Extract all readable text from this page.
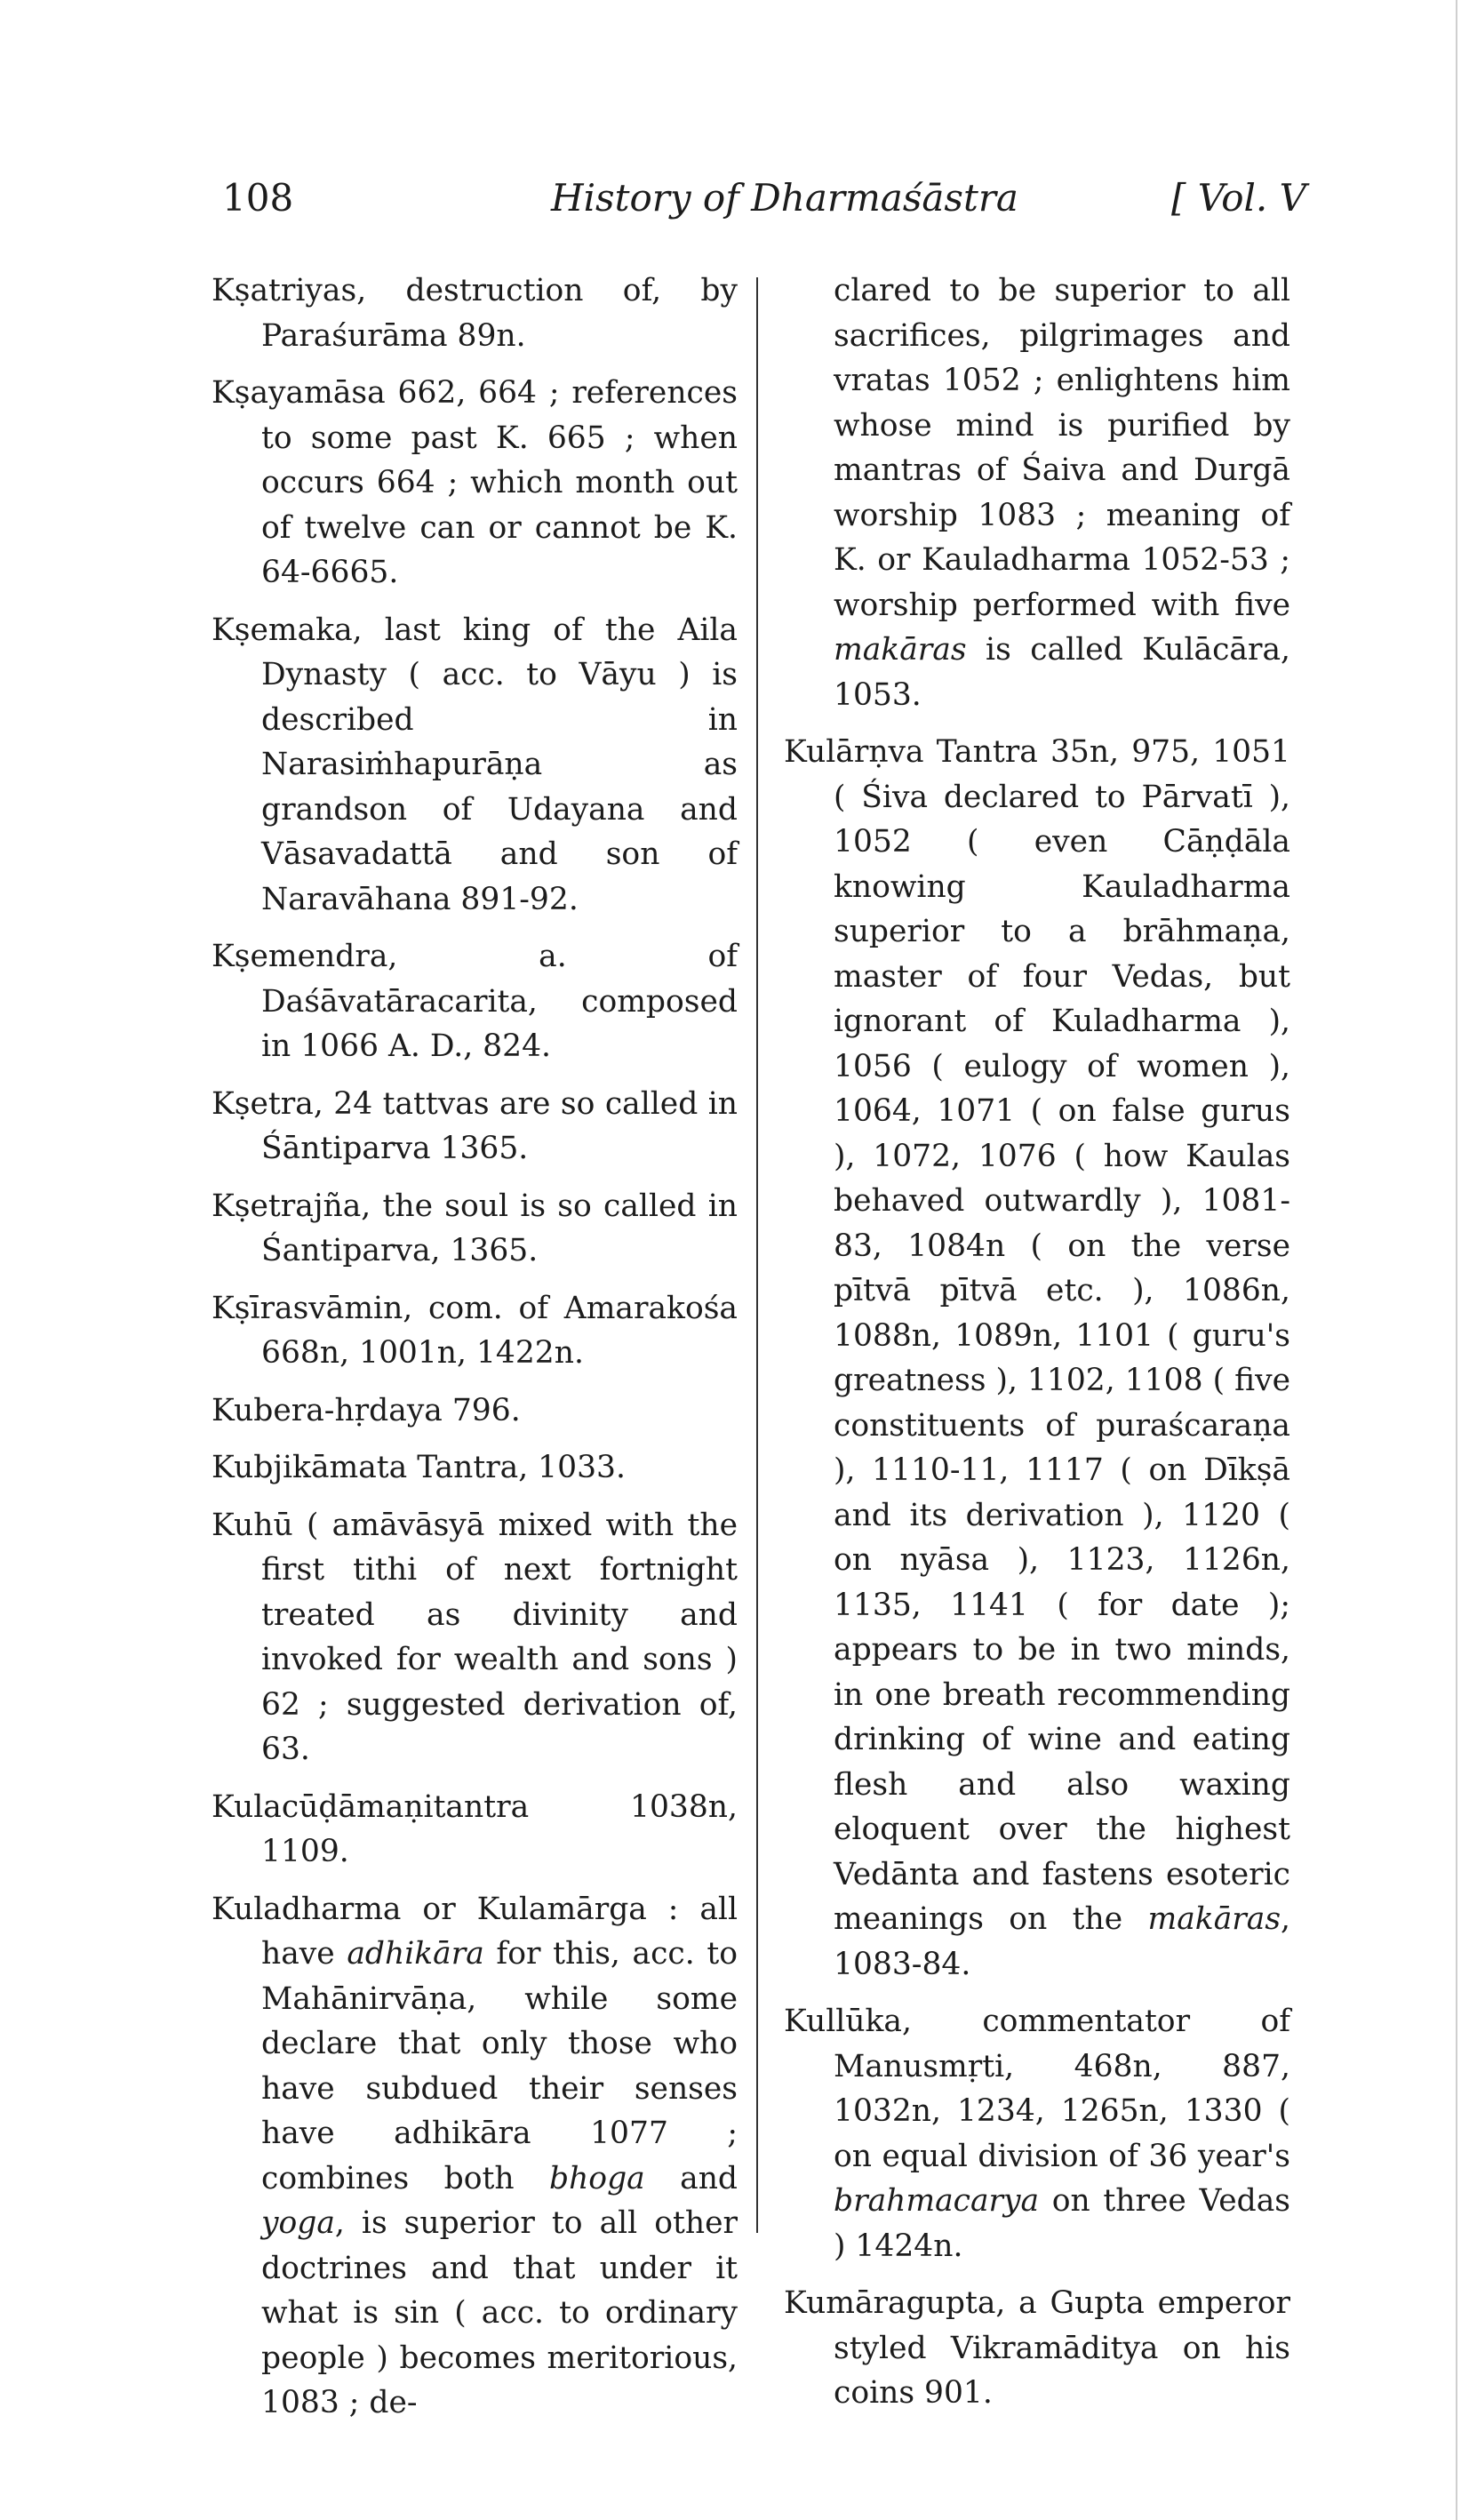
108	History of Dharmaśāstra	[ Vol. V

Kṣatriyas, destruction of, by Paraśurāma 89n.

Kṣayamāsa 662, 664 ; references to some past K. 665 ; when occurs 664 ; which month out of twelve can or cannot be K. 64-6665.

Kṣemaka, last king of the Aila Dynasty ( acc. to Vāyu ) is described in Narasiṁhapurāṇa as grandson of Udayana and Vāsavadattā and son of Naravāhana 891-92.

Kṣemendra, a. of Daśāvatāracarita, composed in 1066 A. D., 824.

Kṣetra, 24 tattvas are so called in Śāntiparva 1365.

Kṣetrajña, the soul is so called in Śantiparva, 1365.

Kṣīrasvāmin, com. of Amarakośa 668n, 1001n, 1422n.

Kubera-hṛdaya 796.

Kubjikāmata Tantra, 1033.

Kuhū ( amāvāsyā mixed with the first tithi of next fortnight treated as divinity and invoked for wealth and sons ) 62 ; suggested derivation of, 63.

Kulacūḍāmaṇitantra 1038n, 1109.

Kuladharma or Kulamārga : all have adhikāra for this, acc. to Mahānirvāṇa, while some declare that only those who have subdued their senses have adhikāra 1077 ; combines both bhoga and yoga, is superior to all other doctrines and that under it what is sin ( acc. to ordinary people ) becomes meritorious, 1083 ; de-

clared to be superior to all sacrifices, pilgrimages and vratas 1052 ; enlightens him whose mind is purified by mantras of Śaiva and Durgā worship 1083 ; meaning of K. or Kauladharma 1052-53 ; worship performed with five makāras is called Kulācāra, 1053.

Kulārṇva Tantra 35n, 975, 1051 ( Śiva declared to Pārvatī ), 1052 ( even Cāṇḍāla knowing Kauladharma superior to a brāhmaṇa, master of four Vedas, but ignorant of Kuladharma ), 1056 ( eulogy of women ), 1064, 1071 ( on false gurus ), 1072, 1076 ( how Kaulas behaved outwardly ), 1081-83, 1084n ( on the verse pītvā pītvā etc. ), 1086n, 1088n, 1089n, 1101 ( guru's greatness ), 1102, 1108 ( five constituents of puraścaraṇa ), 1110-11, 1117 ( on Dīkṣā and its derivation ), 1120 ( on nyāsa ), 1123, 1126n, 1135, 1141 ( for date ); appears to be in two minds, in one breath recommending drinking of wine and eating flesh and also waxing eloquent over the highest Vedānta and fastens esoteric meanings on the makāras, 1083-84.

Kullūka, commentator of Manusmṛti, 468n, 887, 1032n, 1234, 1265n, 1330 ( on equal division of 36 year's brahmacarya on three Vedas ) 1424n.

Kumāragupta, a Gupta emperor styled Vikramāditya on his coins 901.
